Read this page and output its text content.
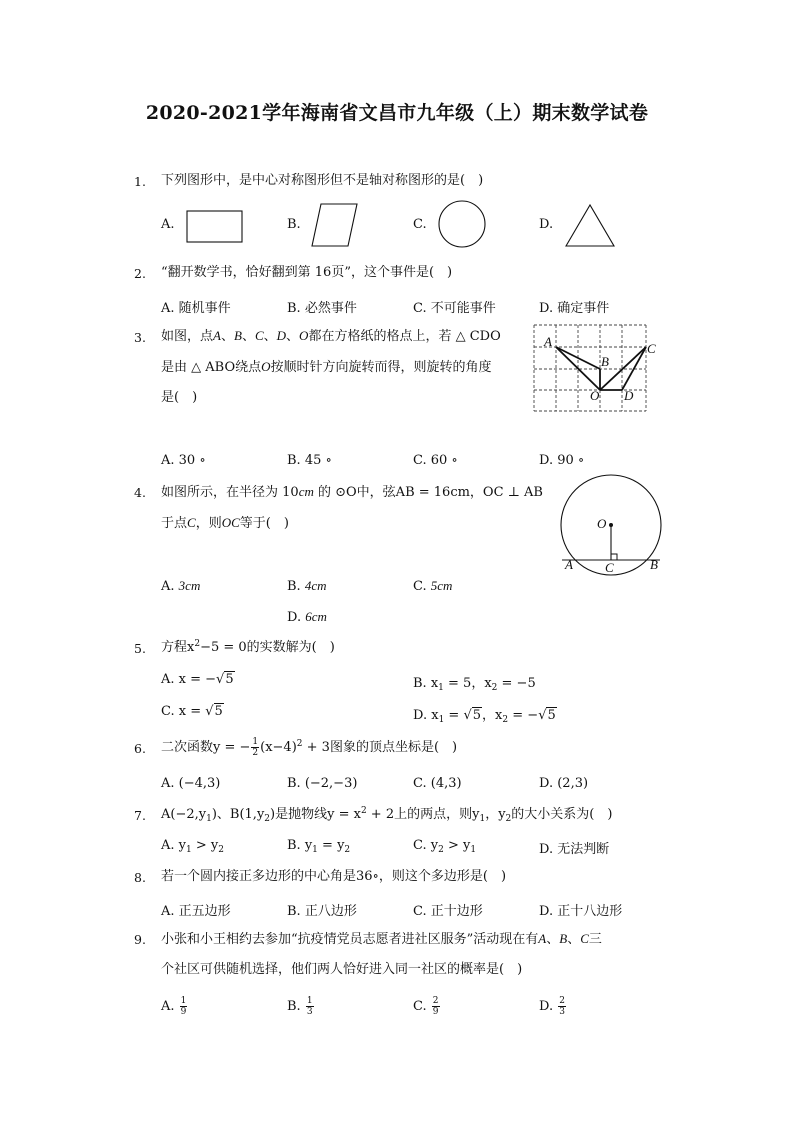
2020-2021学年海南省文昌市九年级（上）期末数学试卷
1. 下列图形中，是中心对称图形但不是轴对称图形的是(　)
A.	B.	C.	D.
2. “翻开数学书，恰好翻到第 16页”，这个事件是(　)
A. 随机事件	B. 必然事件	C. 不可能事件	D. 确定事件
3. 如图，点A、B、C、D、O都在方格纸的格点上，若 △ CDO
是由 △ ABO绕点O按顺时针方向旋转而得，则旋转的角度
是(　)
A
B
C
O D
A. 30 ∘	B. 45 ∘	C. 60 ∘	D. 90 ∘
4. 如图所示，在半径为 10cm 的 ⊙O中，弦AB = 16cm，OC ⊥ AB
于点C，则OC等于(　)	O
A C	B
A. 3cm	B. 4cm	C. 5cm
D. 6cm
5. 方程$x^2-5 = 0$的实数解为(　)
A. x = −√5	B. $x_1 = 5$，$x_2 = -5$
C. x = √5	D. $x_1 = √5$，$x_2 = -√5$
6. 二次函数y = − $\frac{1}{2} (x-4)^2 + 3$图象的顶点坐标是(　)
A. (−4,3)	B. (−2,−3)	C. (4,3)	D. (2,3)
7. $A(-2,y_1)$、$B(1,y_2)$是抛物线$y = x^2 + 2$上的两点，则$y_1$，$y_2$的大小关系为(　)
A. $y_1 > y_2$	B. $y_1 = y_2$	C. $y_2 > y_1$	D. 无法判断
8. 若一个圆内接正多边形的中心角是36∘，则这个多边形是(　)
A. 正五边形	B. 正八边形	C. 正十边形	D. 正十八边形
9. 小张和小王相约去参加“抗疫情党员志愿者进社区服务”活动现在有A、B、C三
个社区可供随机选择，他们两人恰好进入同一社区的概率是(　)
A. $\frac{1}{9}$	B. $\frac{1}{3}$	C. $\frac{2}{9}$	D. $\frac{2}{3}$
